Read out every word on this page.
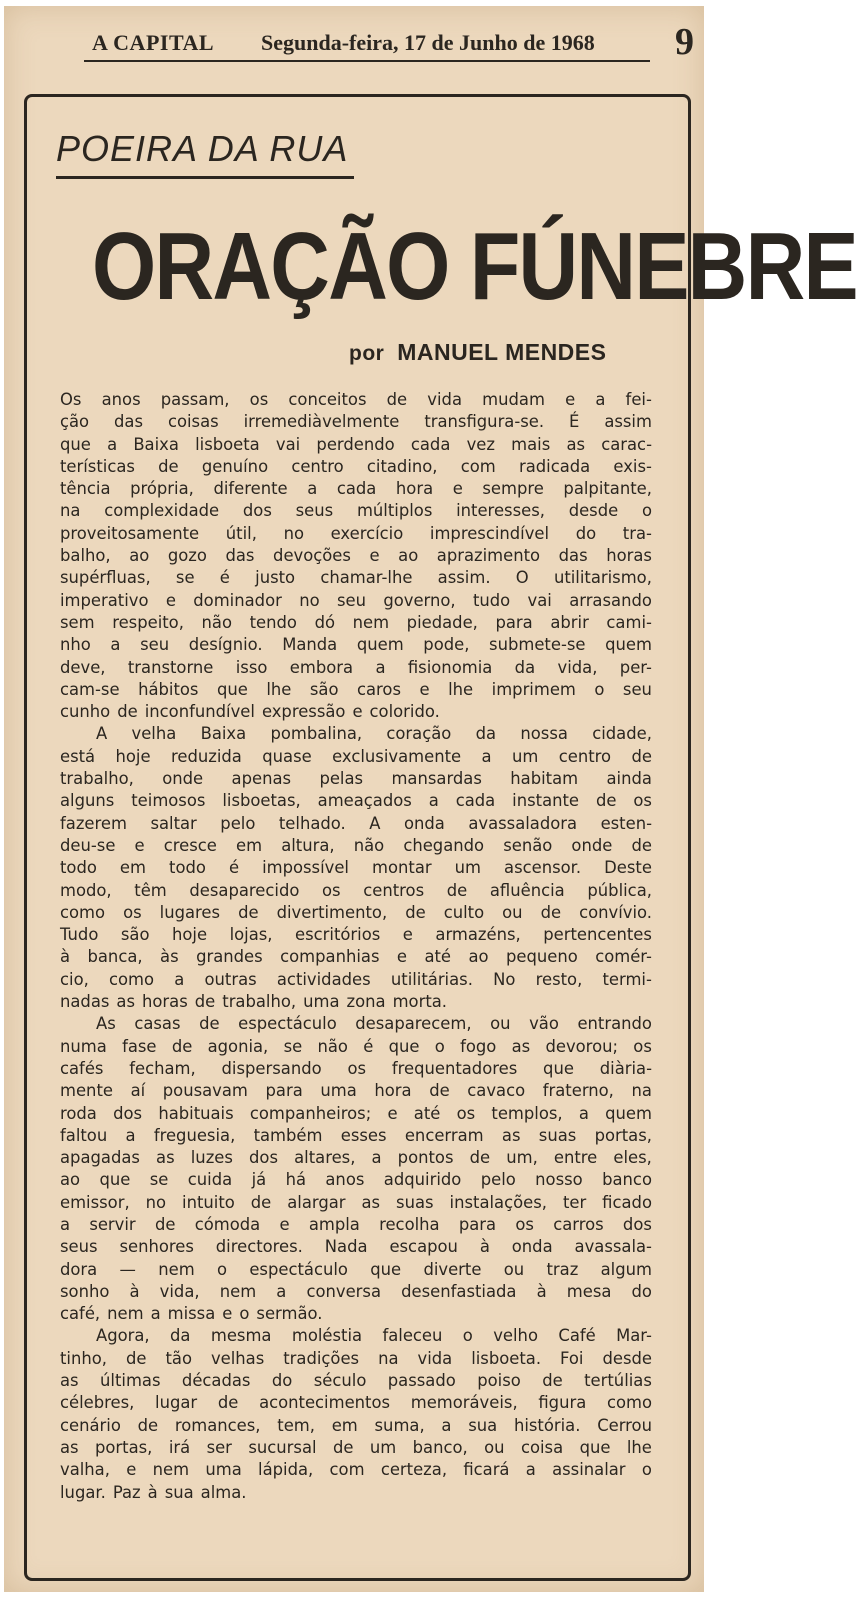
A CAPITAL Segunda-feira, 17 de Junho de 1968 9
POEIRA DA RUA
ORAÇÃO FÚNEBRE
por MANUEL MENDES
Os anos passam, os conceitos de vida mudam e a fei-
ção das coisas irremediàvelmente transfigura-se. É assim
que a Baixa lisboeta vai perdendo cada vez mais as carac-
terísticas de genuíno centro citadino, com radicada exis-
tência própria, diferente a cada hora e sempre palpitante,
na complexidade dos seus múltiplos interesses, desde o
proveitosamente útil, no exercício imprescindível do tra-
balho, ao gozo das devoções e ao aprazimento das horas
supérfluas, se é justo chamar-lhe assim. O utilitarismo,
imperativo e dominador no seu governo, tudo vai arrasando
sem respeito, não tendo dó nem piedade, para abrir cami-
nho a seu desígnio. Manda quem pode, submete-se quem
deve, transtorne isso embora a fisionomia da vida, per-
cam-se hábitos que lhe são caros e lhe imprimem o seu
cunho de inconfundível expressão e colorido.
A velha Baixa pombalina, coração da nossa cidade,
está hoje reduzida quase exclusivamente a um centro de
trabalho, onde apenas pelas mansardas habitam ainda
alguns teimosos lisboetas, ameaçados a cada instante de os
fazerem saltar pelo telhado. A onda avassaladora esten-
deu-se e cresce em altura, não chegando senão onde de
todo em todo é impossível montar um ascensor. Deste
modo, têm desaparecido os centros de afluência pública,
como os lugares de divertimento, de culto ou de convívio.
Tudo são hoje lojas, escritórios e armazéns, pertencentes
à banca, às grandes companhias e até ao pequeno comér-
cio, como a outras actividades utilitárias. No resto, termi-
nadas as horas de trabalho, uma zona morta.
As casas de espectáculo desaparecem, ou vão entrando
numa fase de agonia, se não é que o fogo as devorou; os
cafés fecham, dispersando os frequentadores que diària-
mente aí pousavam para uma hora de cavaco fraterno, na
roda dos habituais companheiros; e até os templos, a quem
faltou a freguesia, também esses encerram as suas portas,
apagadas as luzes dos altares, a pontos de um, entre eles,
ao que se cuida já há anos adquirido pelo nosso banco
emissor, no intuito de alargar as suas instalações, ter ficado
a servir de cómoda e ampla recolha para os carros dos
seus senhores directores. Nada escapou à onda avassala-
dora — nem o espectáculo que diverte ou traz algum
sonho à vida, nem a conversa desenfastiada à mesa do
café, nem a missa e o sermão.
Agora, da mesma moléstia faleceu o velho Café Mar-
tinho, de tão velhas tradições na vida lisboeta. Foi desde
as últimas décadas do século passado poiso de tertúlias
célebres, lugar de acontecimentos memoráveis, figura como
cenário de romances, tem, em suma, a sua história. Cerrou
as portas, irá ser sucursal de um banco, ou coisa que lhe
valha, e nem uma lápida, com certeza, ficará a assinalar o
lugar. Paz à sua alma.
